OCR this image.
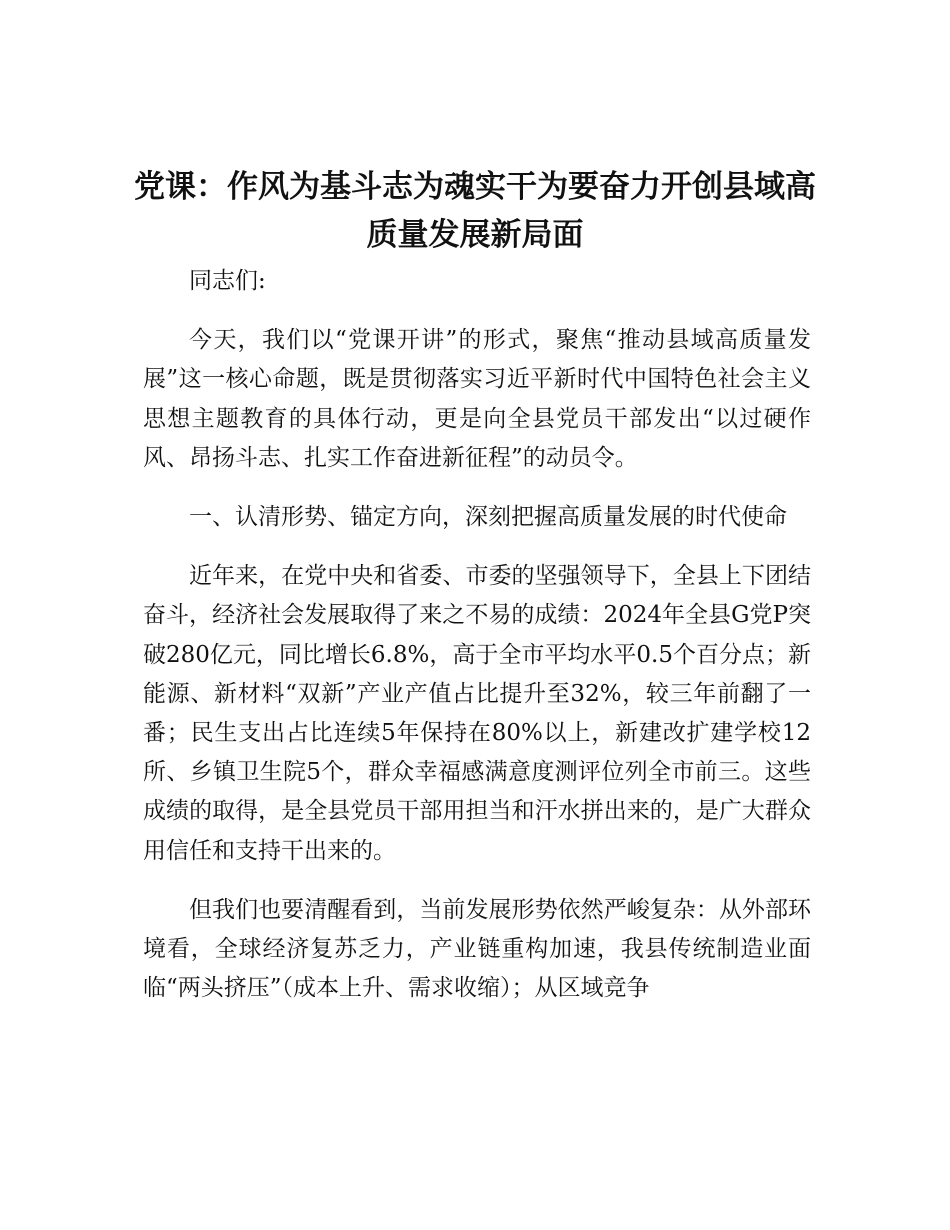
党课：作风为基斗志为魂实干为要奋力开创县域高质量发展新局面

同志们:

今天，我们以“党课开讲”的形式，聚焦“推动县域高质量发展”这一核心命题，既是贯彻落实习近平新时代中国特色社会主义思想主题教育的具体行动，更是向全县党员干部发出“以过硬作风、昂扬斗志、扎实工作奋进新征程”的动员令。

一、认清形势、锚定方向，深刻把握高质量发展的时代使命

近年来，在党中央和省委、市委的坚强领导下，全县上下团结奋斗，经济社会发展取得了来之不易的成绩：2024年全县G党P突破280亿元，同比增长6.8%，高于全市平均水平0.5个百分点；新能源、新材料“双新”产业产值占比提升至32%，较三年前翻了一番；民生支出占比连续5年保持在80%以上，新建改扩建学校12所、乡镇卫生院5个，群众幸福感满意度测评位列全市前三。这些成绩的取得，是全县党员干部用担当和汗水拼出来的，是广大群众用信任和支持干出来的。

但我们也要清醒看到，当前发展形势依然严峻复杂：从外部环境看，全球经济复苏乏力，产业链重构加速，我县传统制造业面临“两头挤压”（成本上升、需求收缩）；从区域竞争
